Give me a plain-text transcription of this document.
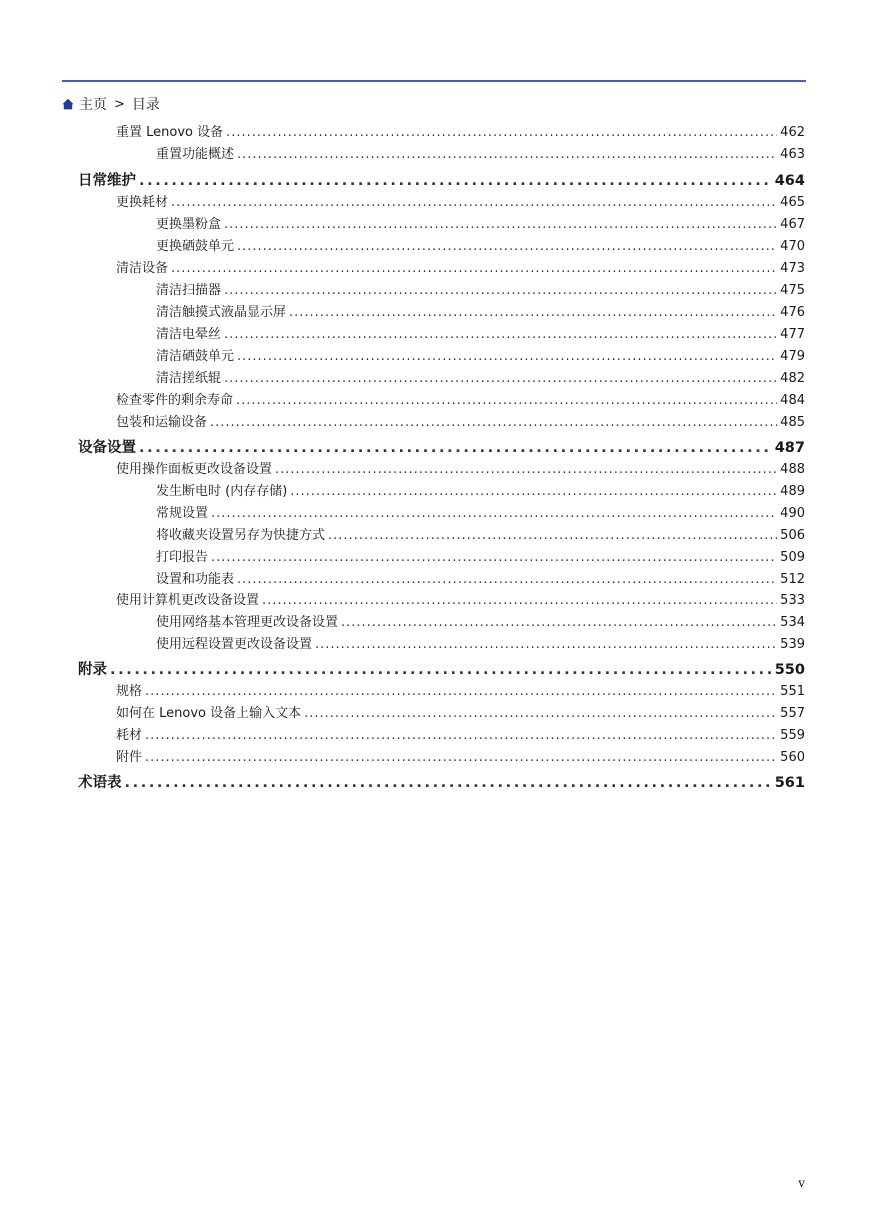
主页 > 目录
重置 Lenovo 设备 .....	462
重置功能概述 .....	463
日常维护 .....	464
更换耗材 .....	465
更换墨粉盒 .....	467
更换硒鼓单元 .....	470
清洁设备 .....	473
清洁扫描器 .....	475
清洁触摸式液晶显示屏 .....	476
清洁电晕丝 .....	477
清洁硒鼓单元 .....	479
清洁搓纸辊 .....	482
检查零件的剩余寿命 .....	484
包装和运输设备 .....	485
设备设置 .....	487
使用操作面板更改设备设置 .....	488
发生断电时 (内存存储) .....	489
常规设置 .....	490
将收藏夹设置另存为快捷方式 .....	506
打印报告 .....	509
设置和功能表 .....	512
使用计算机更改设备设置 .....	533
使用网络基本管理更改设备设置 .....	534
使用远程设置更改设备设置 .....	539
附录 .....	550
规格 .....	551
如何在 Lenovo 设备上输入文本 .....	557
耗材 .....	559
附件 .....	560
术语表 .....	561
v
